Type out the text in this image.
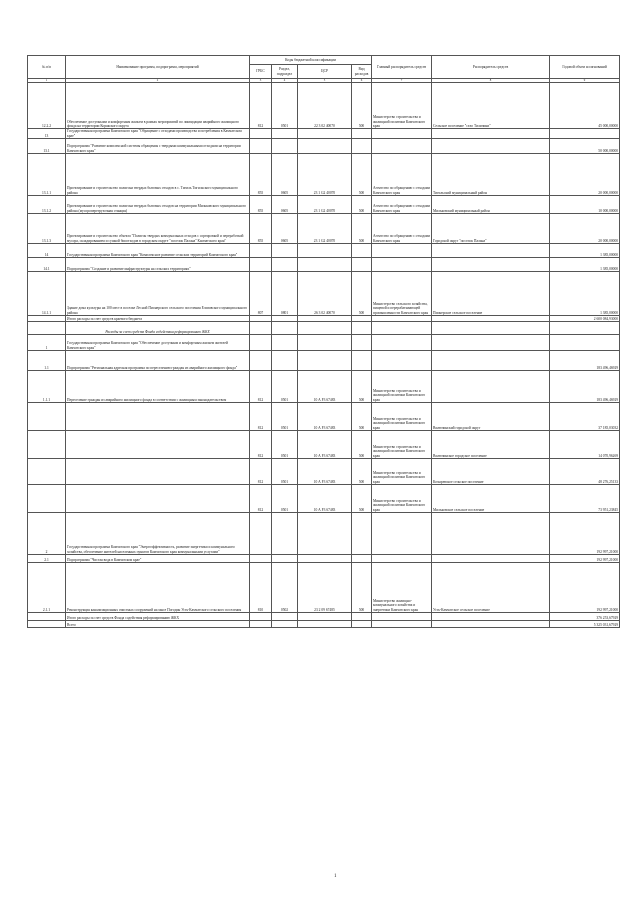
№ п/п	Наименование программ, подпрограмм, мероприятий	Коды бюджетной классификации				Главный распорядитель средств	Распорядитель средств	Годовой объем ассигнований
		ГРБС	Раздел, подраздел	ЦСР	Вид расходов			
1	2	3	4	5	6	7	8	9
12.2.2	Обеспечение доступными и комфортным жильем в рамках мероприятий по ликвидации аварийного жилищного фонда на территории Корякского округа	812	0501	22 3 02 40070	500	Министерство строительства и жилищной политики Камчатского края	Сельское поселение "село Тиличики"	45 000,00000
13	Государственная программа Камчатского края "Обращение с отходами производства и потребления в Камчатском крае"							
13.1	Подпрограмма "Развитие комплексной системы обращения с твердыми коммунальными отходами на территории Камчатского края"							50 000,00000
13.1.1	Проектирование и строительство полигона твердых бытовых отходов в с. Тигиль Тигильского муниципального района	855	0605	23 1 G2 40070	500	Агентство по обращению с отходами Камчатского края	Тигильский муниципальный район	20 000,00000
13.1.2	Проектирование и строительство полигона твердых бытовых отходов на территории Мильковского муниципального района (мусороперегрузочная станция)	855	0605	23 1 G2 40070	500	Агентство по обращению с отходами Камчатского края	Мильковский муниципальный район	10 000,00000
13.1.3	Проектирование и строительство объекта "Полигон твердых коммунальных отходов с сортировкой и переработкой мусора, складированием и сушкой биоотходов в городском округе "поселок Палана" Камчатского края"	855	0605	23 1 G2 40070	500	Агентство по обращению с отходами Камчатского края	Городской округ "поселок Палана"	20 000,00000
14	Государственная программа Камчатского края "Комплексное развитие сельских территорий Камчатского края"							1 385,00000
14.1	Подпрограмма "Создание и развитие инфраструктуры на сельских территориях"							1 385,00000
14.1.1	Здание дома культуры на 100 мест в поселке Лесной Пионерского сельского поселения Елизовского муниципального района	807	0801	26 3 02 40070	500	Министерство сельского хозяйства, пищевой и перерабатывающей промышленности Камчатского края	Пионерское сельское поселение	1 385,00000
	Итого расходы за счет средств краевого бюджета							2 600 084,93000
	Расходы за счет средств Фонда содействия реформированию ЖКХ							
1	Государственная программа Камчатского края "Обеспечение доступным и комфортным жильем жителей Камчатского края"							
1.1	Подпрограмма "Региональная адресная программа по переселению граждан из аварийного жилищного фонда"							183 496,46929
1.1.1	Переселение граждан из аварийного жилищного фонда в соответствии с жилищным законодательством	812	0501	10 А F3 67483	500	Министерство строительства и жилищной политики Камчатского края		183 496,46929
		812	0501	10 А F3 67483	500	Министерство строительства и жилищной политики Камчатского края	Вилючинский городской округ	37 185,03032
		812	0501	10 А F3 67483	500	Министерство строительства и жилищной политики Камчатского края	Вилючинское городское поселение	14 070,96269
		812	0501	10 А F3 67483	500	Министерство строительства и жилищной политики Камчатского края	Козыревское сельское поселение	48 276,25133
		812	0501	10 А F3 67483	500	Министерство строительства и жилищной политики Камчатского края	Мильковское сельское поселение	73 951,23845
2	Государственная программа Камчатского края "Энергоэффективность, развитие энергетики и коммунального хозяйства, обеспечение жителей населенных пунктов Камчатского края коммунальными услугами"							192 997,21000
2.1	Подпрограмма "Чистая вода в Камчатском крае"							192 997,21000
2.1.1	Реконструкция канализационных очистных сооружений на мысе Погодин Усть-Камчатского сельского поселения	810	0502	23 2 09 67485	500	Министерство жилищно-коммунального хозяйства и энергетики Камчатского края	Усть-Камчатское сельское поселение	192 997,21000
	Итого расходы за счет средств Фонда содействия реформированию ЖКХ							376 253,67929
	Всего							5 325 031,67929
1
